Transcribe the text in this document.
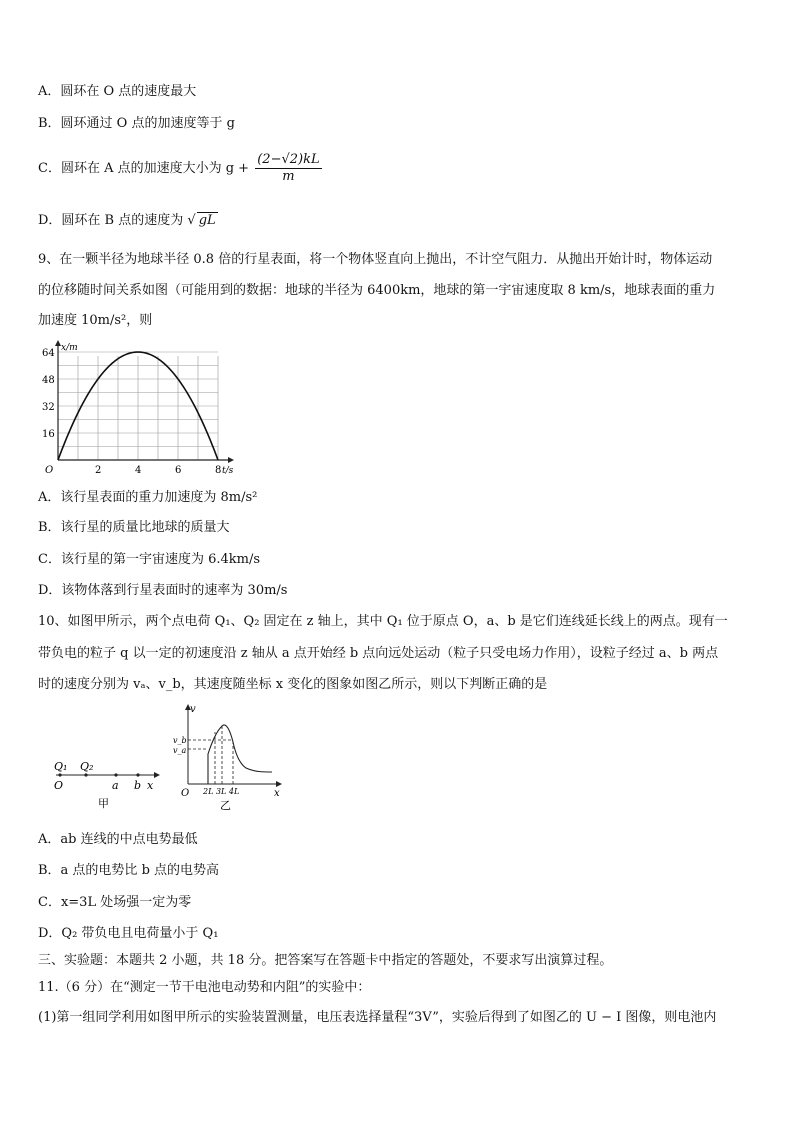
A．圆环在 O 点的速度最大
B．圆环通过 O 点的加速度等于 g
C．圆环在 A 点的加速度大小为 $g + \frac{(2-√2)kL}{m}$
D．圆环在 B 点的速度为 √ gL
9、在一颗半径为地球半径 0.8 倍的行星表面，将一个物体竖直向上抛出，不计空气阻力．从抛出开始计时，物体运动
的位移随时间关系如图（可能用到的数据：地球的半径为 6400km，地球的第一宇宙速度取 8 km/s，地球表面的重力
加速度 10m/s²，则
2	4	6	8
16
32
48
64
O	t/s
x/m
A．该行星表面的重力加速度为 8m/s²
B．该行星的质量比地球的质量大
C．该行星的第一宇宙速度为 6.4km/s
D．该物体落到行星表面时的速率为 30m/s
10、如图甲所示，两个点电荷 Q₁、Q₂ 固定在 z 轴上，其中 Q₁ 位于原点 O，a、b 是它们连线延长线上的两点。现有一
带负电的粒子 q 以一定的初速度沿 z 轴从 a 点开始经 b 点向远处运动（粒子只受电场力作用），设粒子经过 a、b 两点
时的速度分别为 vₐ、v_b，其速度随坐标 x 变化的图象如图乙所示，则以下判断正确的是
Q₁ Q₂
O	a b x
甲
v
v_b
v_a
O 2L 3L 4L	x
乙
A．ab 连线的中点电势最低
B．a 点的电势比 b 点的电势高
C．x=3L 处场强一定为零
D．Q₂ 带负电且电荷量小于 Q₁
三、实验题：本题共 2 小题，共 18 分。把答案写在答题卡中指定的答题处，不要求写出演算过程。
11.（6 分）在“测定一节干电池电动势和内阻”的实验中：
(1)第一组同学利用如图甲所示的实验装置测量，电压表选择量程“3V”，实验后得到了如图乙的 U − I 图像，则电池内
